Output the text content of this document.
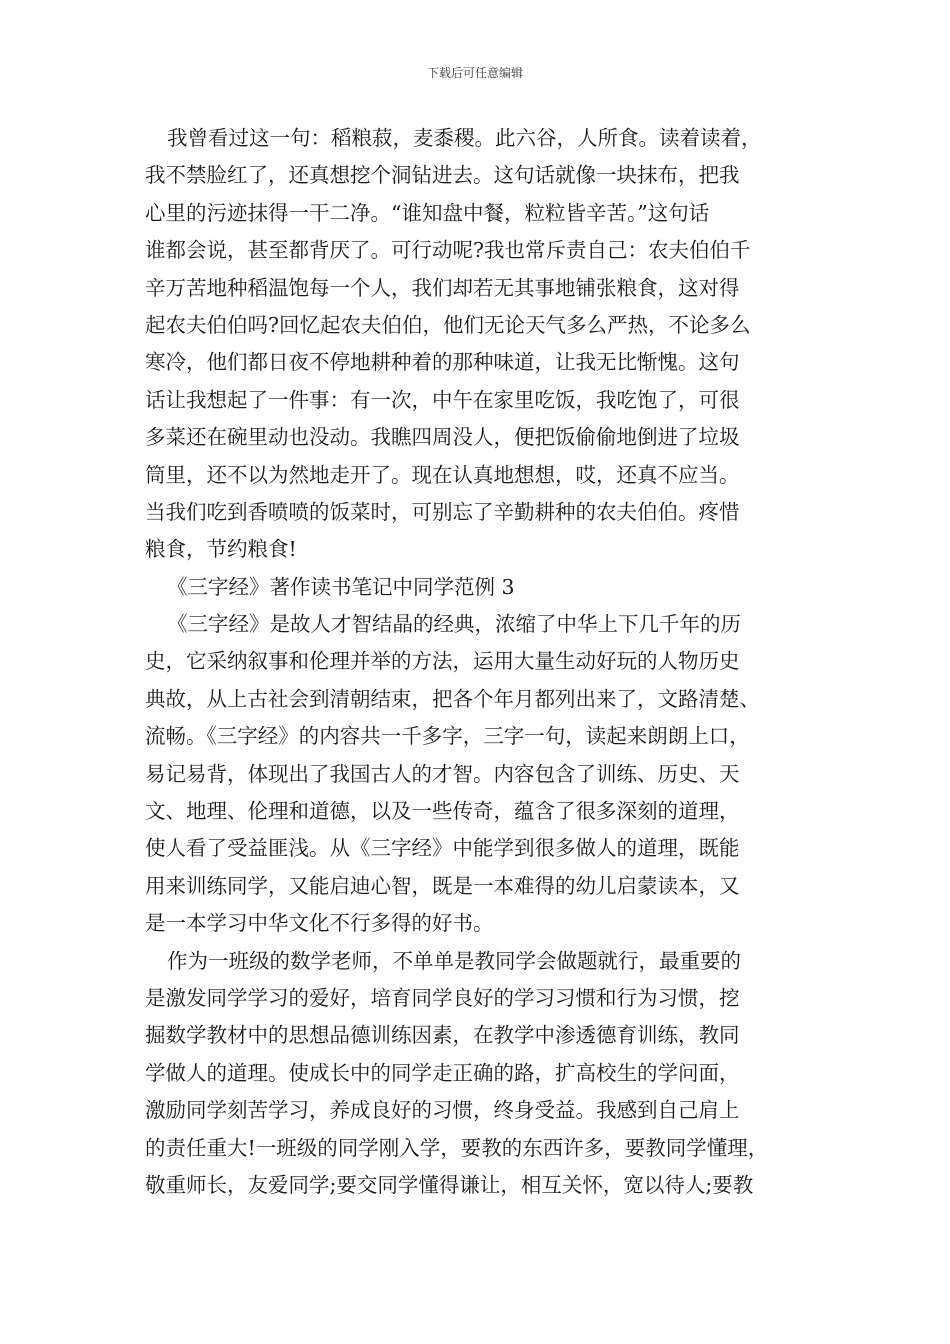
下载后可任意编辑
我曾看过这一句：稻粮菽，麦黍稷。此六谷，人所食。读着读着，
我不禁脸红了，还真想挖个洞钻进去。这句话就像一块抹布，把我
心里的污迹抹得一干二净。“谁知盘中餐，粒粒皆辛苦。”这句话
谁都会说，甚至都背厌了。可行动呢?我也常斥责自己：农夫伯伯千
辛万苦地种稻温饱每一个人，我们却若无其事地铺张粮食，这对得
起农夫伯伯吗?回忆起农夫伯伯，他们无论天气多么严热，不论多么
寒冷，他们都日夜不停地耕种着的那种味道，让我无比惭愧。这句
话让我想起了一件事：有一次，中午在家里吃饭，我吃饱了，可很
多菜还在碗里动也没动。我瞧四周没人，便把饭偷偷地倒进了垃圾
筒里，还不以为然地走开了。现在认真地想想，哎，还真不应当。
当我们吃到香喷喷的饭菜时，可别忘了辛勤耕种的农夫伯伯。疼惜
粮食，节约粮食!
《三字经》著作读书笔记中同学范例 3
《三字经》是故人才智结晶的经典，浓缩了中华上下几千年的历
史，它采纳叙事和伦理并举的方法，运用大量生动好玩的人物历史
典故，从上古社会到清朝结束，把各个年月都列出来了，文路清楚、
流畅。《三字经》的内容共一千多字，三字一句，读起来朗朗上口，
易记易背，体现出了我国古人的才智。内容包含了训练、历史、天
文、地理、伦理和道德，以及一些传奇，蕴含了很多深刻的道理，
使人看了受益匪浅。从《三字经》中能学到很多做人的道理，既能
用来训练同学，又能启迪心智，既是一本难得的幼儿启蒙读本，又
是一本学习中华文化不行多得的好书。
作为一班级的数学老师，不单单是教同学会做题就行，最重要的
是激发同学学习的爱好，培育同学良好的学习习惯和行为习惯，挖
掘数学教材中的思想品德训练因素，在教学中渗透德育训练，教同
学做人的道理。使成长中的同学走正确的路，扩高校生的学问面，
激励同学刻苦学习，养成良好的习惯，终身受益。我感到自己肩上
的责任重大!一班级的同学刚入学，要教的东西许多，要教同学懂理，
敬重师长，友爱同学;要交同学懂得谦让，相互关怀，宽以待人;要教
